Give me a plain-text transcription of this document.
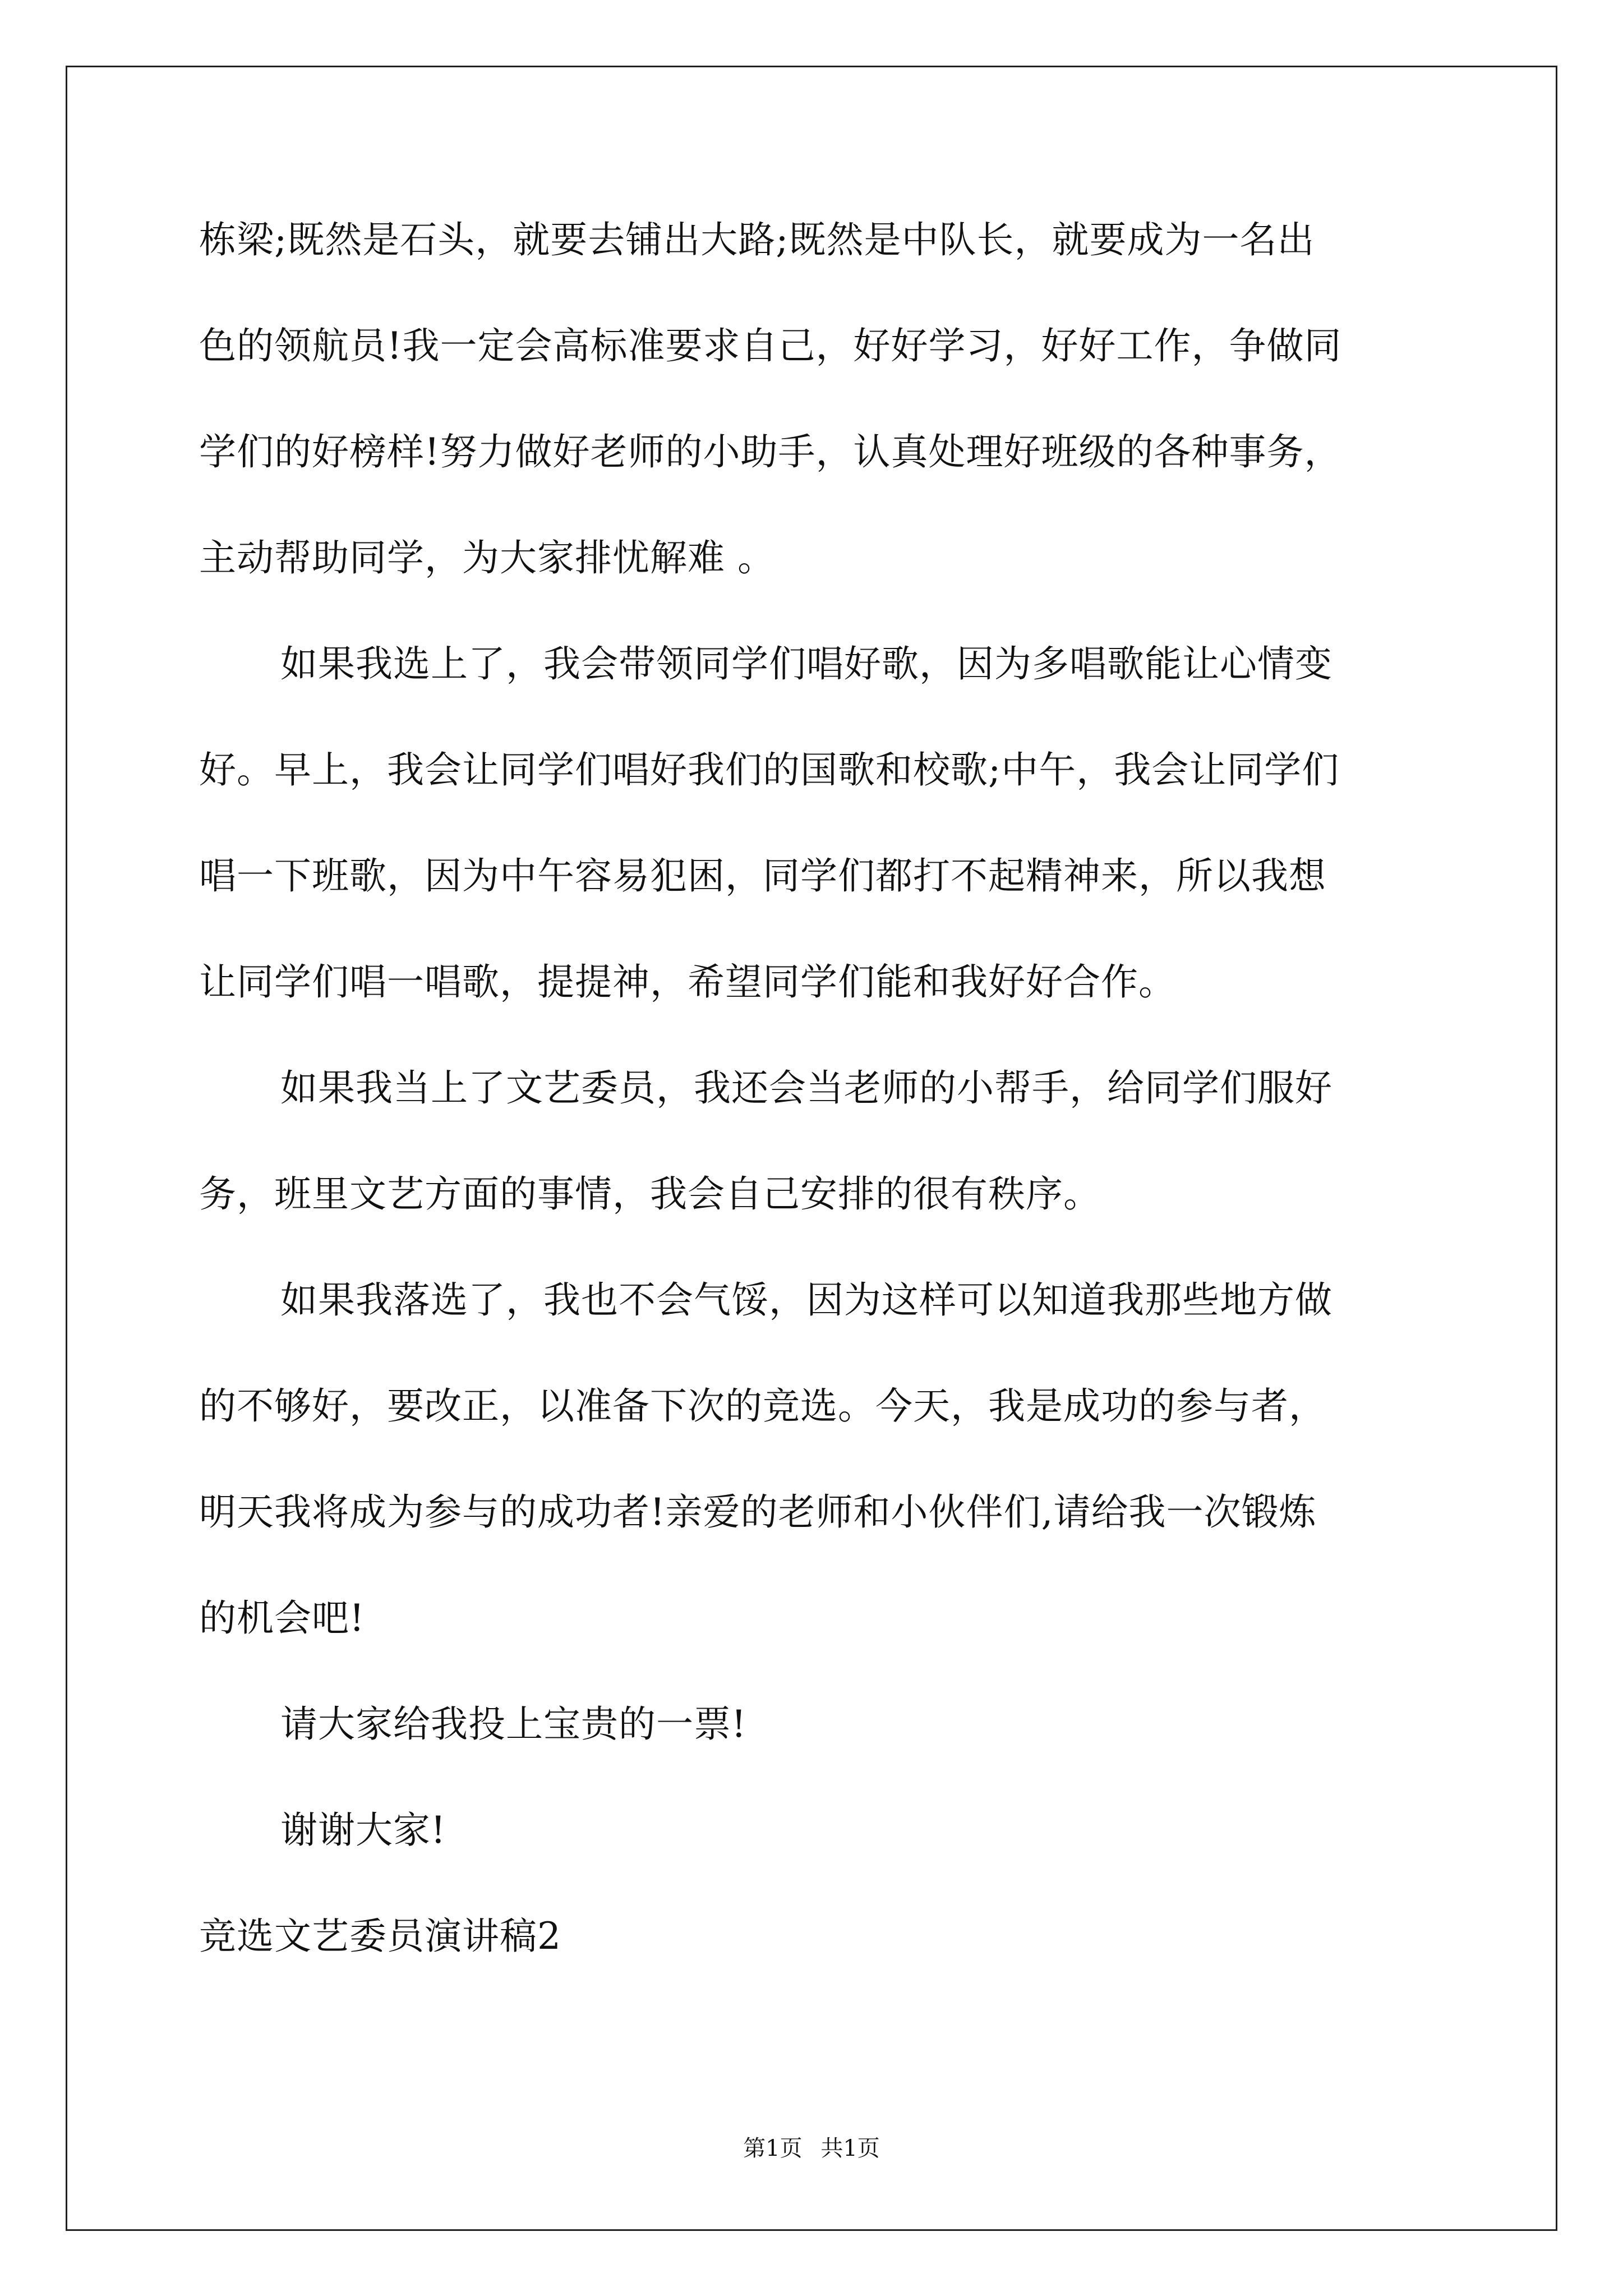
栋梁;既然是石头，就要去铺出大路;既然是中队长，就要成为一名出
色的领航员!我一定会高标准要求自己，好好学习，好好工作，争做同
学们的好榜样!努力做好老师的小助手，认真处理好班级的各种事务，
主动帮助同学，为大家排忧解难 。
如果我选上了，我会带领同学们唱好歌，因为多唱歌能让心情变
好。早上，我会让同学们唱好我们的国歌和校歌;中午，我会让同学们
唱一下班歌，因为中午容易犯困，同学们都打不起精神来，所以我想
让同学们唱一唱歌，提提神，希望同学们能和我好好合作。
如果我当上了文艺委员，我还会当老师的小帮手，给同学们服好
务，班里文艺方面的事情，我会自己安排的很有秩序。
如果我落选了，我也不会气馁，因为这样可以知道我那些地方做
的不够好，要改正，以准备下次的竞选。今天，我是成功的参与者，
明天我将成为参与的成功者!亲爱的老师和小伙伴们,请给我一次锻炼
的机会吧!
请大家给我投上宝贵的一票!
谢谢大家!
竞选文艺委员演讲稿2
第1页 共1页
